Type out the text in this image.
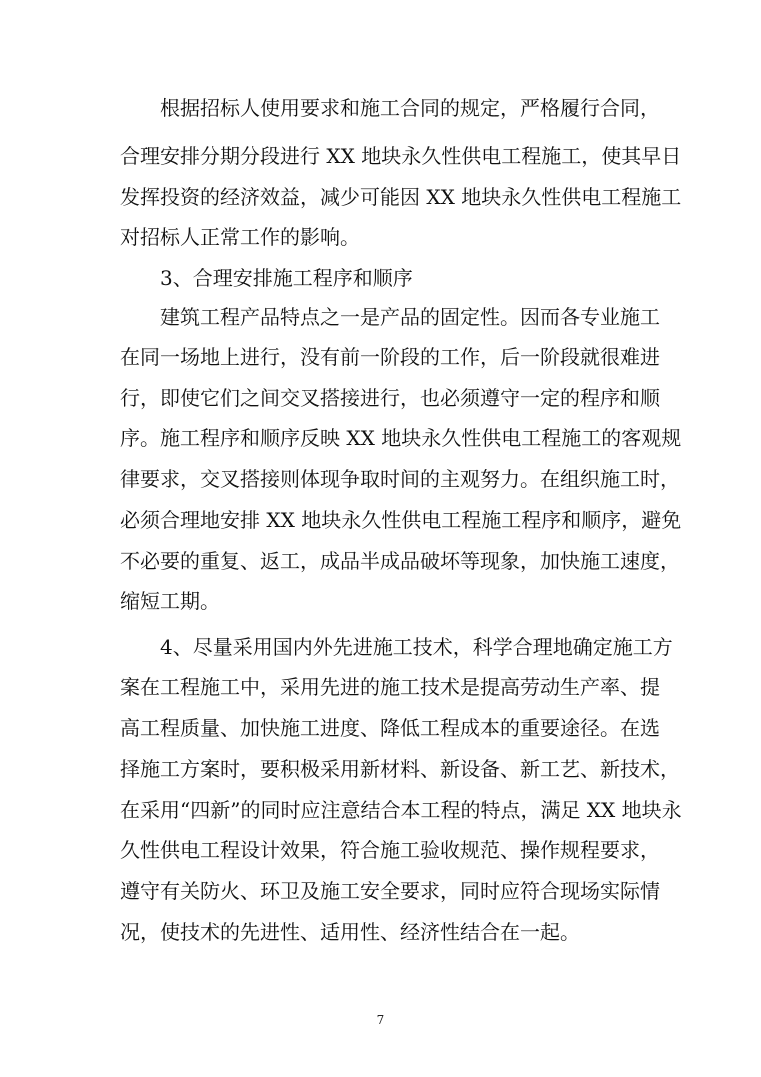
根据招标人使用要求和施工合同的规定，严格履行合同，
合理安排分期分段进行 XX 地块永久性供电工程施工，使其早日
发挥投资的经济效益，减少可能因 XX 地块永久性供电工程施工
对招标人正常工作的影响。
3、合理安排施工程序和顺序
建筑工程产品特点之一是产品的固定性。因而各专业施工
在同一场地上进行，没有前一阶段的工作，后一阶段就很难进
行，即使它们之间交叉搭接进行，也必须遵守一定的程序和顺
序。施工程序和顺序反映 XX 地块永久性供电工程施工的客观规
律要求，交叉搭接则体现争取时间的主观努力。在组织施工时，
必须合理地安排 XX 地块永久性供电工程施工程序和顺序，避免
不必要的重复、返工，成品半成品破坏等现象，加快施工速度，
缩短工期。
4、尽量采用国内外先进施工技术，科学合理地确定施工方
案在工程施工中，采用先进的施工技术是提高劳动生产率、提
高工程质量、加快施工进度、降低工程成本的重要途径。在选
择施工方案时，要积极采用新材料、新设备、新工艺、新技术，
在采用“四新”的同时应注意结合本工程的特点，满足 XX 地块永
久性供电工程设计效果，符合施工验收规范、操作规程要求，
遵守有关防火、环卫及施工安全要求，同时应符合现场实际情
况，使技术的先进性、适用性、经济性结合在一起。
7
